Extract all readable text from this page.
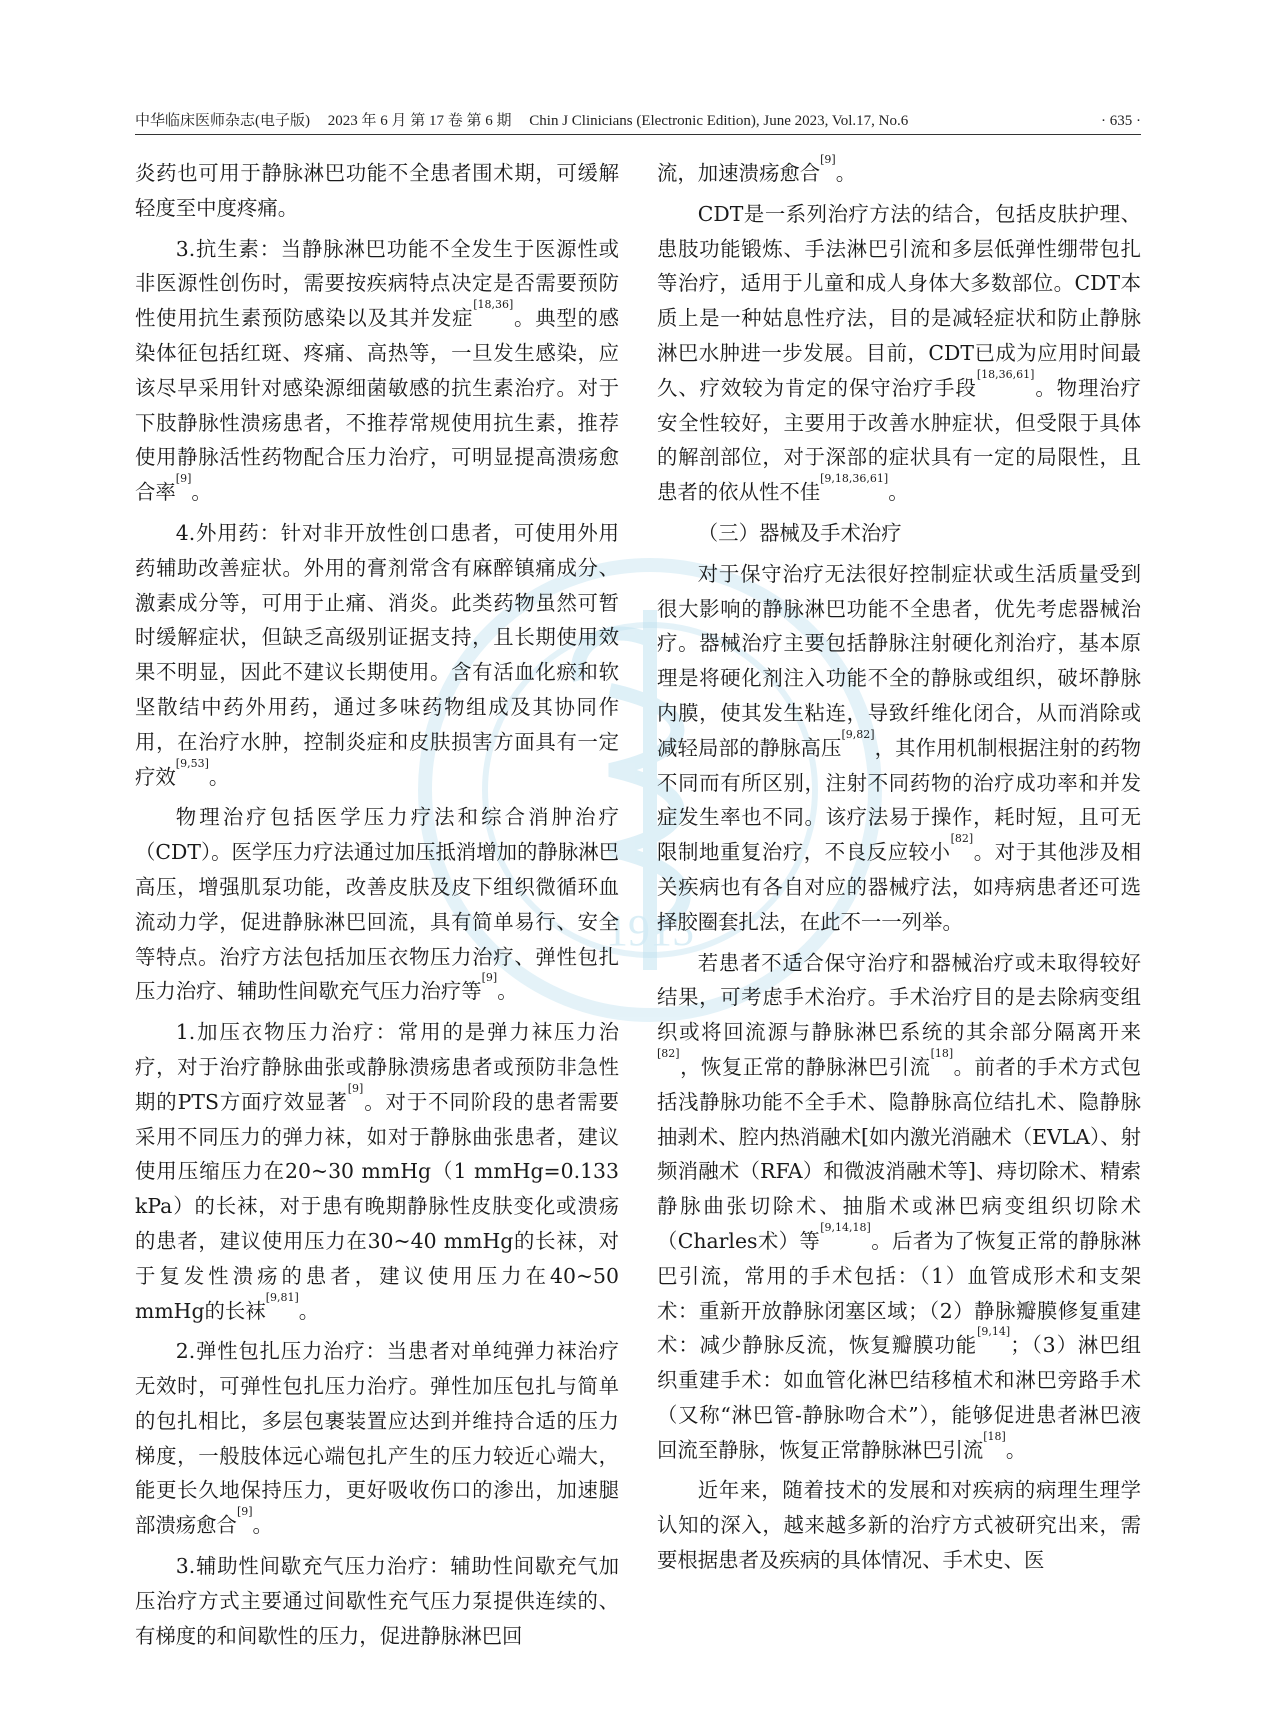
1915
中华临床医师杂志(电子版) 2023 年 6 月 第 17 卷 第 6 期 Chin J Clinicians (Electronic Edition), June 2023, Vol.17, No.6	· 635 ·

炎药也可用于静脉淋巴功能不全患者围术期，可缓解轻度至中度疼痛。

3.抗生素：当静脉淋巴功能不全发生于医源性或非医源性创伤时，需要按疾病特点决定是否需要预防性使用抗生素预防感染以及其并发症[18,36]。典型的感染体征包括红斑、疼痛、高热等，一旦发生感染，应该尽早采用针对感染源细菌敏感的抗生素治疗。对于下肢静脉性溃疡患者，不推荐常规使用抗生素，推荐使用静脉活性药物配合压力治疗，可明显提高溃疡愈合率[9]。

4.外用药：针对非开放性创口患者，可使用外用药辅助改善症状。外用的膏剂常含有麻醉镇痛成分、激素成分等，可用于止痛、消炎。此类药物虽然可暂时缓解症状，但缺乏高级别证据支持，且长期使用效果不明显，因此不建议长期使用。含有活血化瘀和软坚散结中药外用药，通过多味药物组成及其协同作用，在治疗水肿，控制炎症和皮肤损害方面具有一定疗效[9,53]。

物理治疗包括医学压力疗法和综合消肿治疗（CDT）。医学压力疗法通过加压抵消增加的静脉淋巴高压，增强肌泵功能，改善皮肤及皮下组织微循环血流动力学，促进静脉淋巴回流，具有简单易行、安全等特点。治疗方法包括加压衣物压力治疗、弹性包扎压力治疗、辅助性间歇充气压力治疗等[9]。

1.加压衣物压力治疗：常用的是弹力袜压力治疗，对于治疗静脉曲张或静脉溃疡患者或预防非急性期的PTS方面疗效显著[9]。对于不同阶段的患者需要采用不同压力的弹力袜，如对于静脉曲张患者，建议使用压缩压力在20~30 mmHg（1 mmHg=0.133 kPa）的长袜，对于患有晚期静脉性皮肤变化或溃疡的患者，建议使用压力在30~40 mmHg的长袜，对于复发性溃疡的患者，建议使用压力在40~50 mmHg的长袜[9,81]。

2.弹性包扎压力治疗：当患者对单纯弹力袜治疗无效时，可弹性包扎压力治疗。弹性加压包扎与简单的包扎相比，多层包裹装置应达到并维持合适的压力梯度，一般肢体远心端包扎产生的压力较近心端大，能更长久地保持压力，更好吸收伤口的渗出，加速腿部溃疡愈合[9]。

3.辅助性间歇充气压力治疗：辅助性间歇充气加压治疗方式主要通过间歇性充气压力泵提供连续的、有梯度的和间歇性的压力，促进静脉淋巴回

流，加速溃疡愈合[9]。

CDT是一系列治疗方法的结合，包括皮肤护理、患肢功能锻炼、手法淋巴引流和多层低弹性绷带包扎等治疗，适用于儿童和成人身体大多数部位。CDT本质上是一种姑息性疗法，目的是减轻症状和防止静脉淋巴水肿进一步发展。目前，CDT已成为应用时间最久、疗效较为肯定的保守治疗手段[18,36,61]。物理治疗安全性较好，主要用于改善水肿症状，但受限于具体的解剖部位，对于深部的症状具有一定的局限性，且患者的依从性不佳[9,18,36,61]。

（三）器械及手术治疗

对于保守治疗无法很好控制症状或生活质量受到很大影响的静脉淋巴功能不全患者，优先考虑器械治疗。器械治疗主要包括静脉注射硬化剂治疗，基本原理是将硬化剂注入功能不全的静脉或组织，破坏静脉内膜，使其发生粘连，导致纤维化闭合，从而消除或减轻局部的静脉高压[9,82]，其作用机制根据注射的药物不同而有所区别，注射不同药物的治疗成功率和并发症发生率也不同。该疗法易于操作，耗时短，且可无限制地重复治疗，不良反应较小[82]。对于其他涉及相关疾病也有各自对应的器械疗法，如痔病患者还可选择胶圈套扎法，在此不一一列举。

若患者不适合保守治疗和器械治疗或未取得较好结果，可考虑手术治疗。手术治疗目的是去除病变组织或将回流源与静脉淋巴系统的其余部分隔离开来[82]，恢复正常的静脉淋巴引流[18]。前者的手术方式包括浅静脉功能不全手术、隐静脉高位结扎术、隐静脉抽剥术、腔内热消融术[如内激光消融术（EVLA）、射频消融术（RFA）和微波消融术等]、痔切除术、精索静脉曲张切除术、抽脂术或淋巴病变组织切除术（Charles术）等[9,14,18]。后者为了恢复正常的静脉淋巴引流，常用的手术包括：（1）血管成形术和支架术：重新开放静脉闭塞区域；（2）静脉瓣膜修复重建术：减少静脉反流，恢复瓣膜功能[9,14]；（3）淋巴组织重建手术：如血管化淋巴结移植术和淋巴旁路手术（又称“淋巴管-静脉吻合术”），能够促进患者淋巴液回流至静脉，恢复正常静脉淋巴引流[18]。

近年来，随着技术的发展和对疾病的病理生理学认知的深入，越来越多新的治疗方式被研究出来，需要根据患者及疾病的具体情况、手术史、医
